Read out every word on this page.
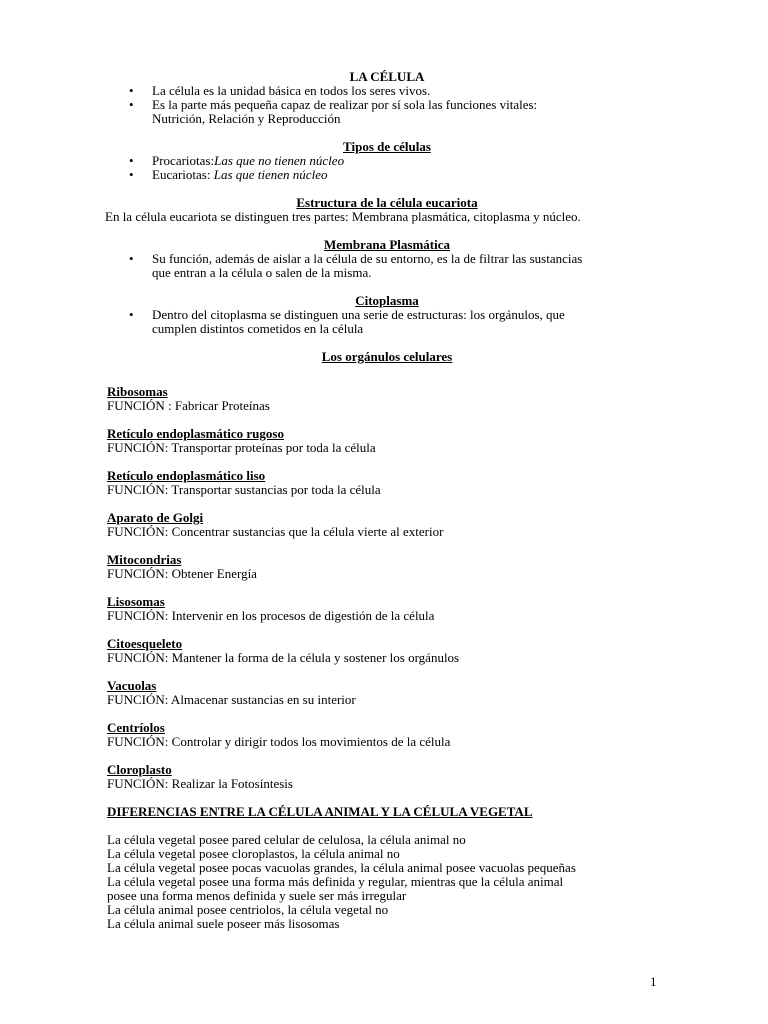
LA CÉLULA
• La célula es la unidad básica en todos los seres vivos.
• Es la parte más pequeña capaz de realizar por sí sola las funciones vitales:
Nutrición, Relación y Reproducción
Tipos de células
• Procariotas:Las que no tienen núcleo
• Eucariotas: Las que tienen núcleo
Estructura de la célula eucariota
En la célula eucariota se distinguen tres partes: Membrana plasmática, citoplasma y núcleo.
Membrana Plasmática
• Su función, además de aislar a la célula de su entorno, es la de filtrar las sustancias
que entran a la célula o salen de la misma.
Citoplasma
• Dentro del citoplasma se distinguen una serie de estructuras: los orgánulos, que
cumplen distintos cometidos en la célula
Los orgánulos celulares
Ribosomas
FUNCIÓN : Fabricar Proteínas
Retículo endoplasmático rugoso
FUNCIÓN: Transportar proteínas por toda la célula
Retículo endoplasmático liso
FUNCIÓN: Transportar sustancias por toda la célula
Aparato de Golgi
FUNCIÓN: Concentrar sustancias que la célula vierte al exterior
Mitocondrias
FUNCIÓN: Obtener Energía
Lisosomas
FUNCIÓN: Intervenir en los procesos de digestión de la célula
Citoesqueleto
FUNCIÓN: Mantener la forma de la célula y sostener los orgánulos
Vacuolas
FUNCIÓN: Almacenar sustancias en su interior
Centríolos
FUNCIÓN: Controlar y dirigir todos los movimientos de la célula
Cloroplasto
FUNCIÓN: Realizar la Fotosíntesis
DIFERENCIAS ENTRE LA CÉLULA ANIMAL Y LA CÉLULA VEGETAL
La célula vegetal posee pared celular de celulosa, la célula animal no
La célula vegetal posee cloroplastos, la célula animal no
La célula vegetal posee pocas vacuolas grandes, la célula animal posee vacuolas pequeñas
La célula vegetal posee una forma más definida y regular, mientras que la célula animal
posee una forma menos definida y suele ser más irregular
La célula animal posee centriolos, la célula vegetal no
La célula animal suele poseer más lisosomas
1
